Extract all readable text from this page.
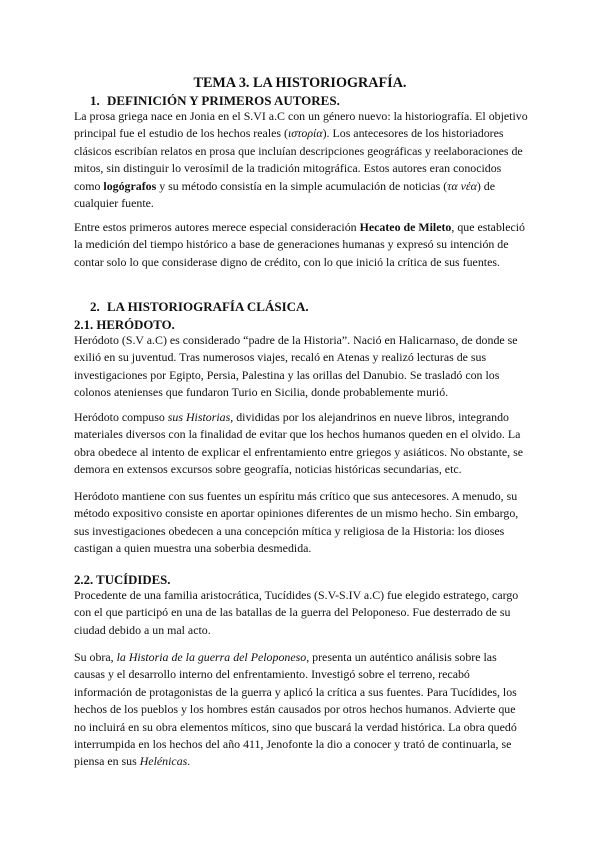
TEMA 3. LA HISTORIOGRAFÍA.
1. DEFINICIÓN Y PRIMEROS AUTORES.

La prosa griega nace en Jonia en el S.VI a.C con un género nuevo: la historiografía. El objetivo principal fue el estudio de los hechos reales (ιστορία). Los antecesores de los historiadores clásicos escribían relatos en prosa que incluían descripciones geográficas y reelaboraciones de mitos, sin distinguir lo verosímil de la tradición mitográfica. Estos autores eran conocidos como logógrafos y su método consistía en la simple acumulación de noticias (τα νέα) de cualquier fuente.

Entre estos primeros autores merece especial consideración Hecateo de Mileto, que estableció la medición del tiempo histórico a base de generaciones humanas y expresó su intención de contar solo lo que considerase digno de crédito, con lo que inició la crítica de sus fuentes.

2. LA HISTORIOGRAFÍA CLÁSICA.
2.1. HERÓDOTO.

Heródoto (S.V a.C) es considerado “padre de la Historia”. Nació en Halicarnaso, de donde se exilió en su juventud. Tras numerosos viajes, recaló en Atenas y realizó lecturas de sus investigaciones por Egipto, Persia, Palestina y las orillas del Danubio. Se trasladó con los colonos atenienses que fundaron Turio en Sicilia, donde probablemente murió.

Heródoto compuso sus Historias, divididas por los alejandrinos en nueve libros, integrando materiales diversos con la finalidad de evitar que los hechos humanos queden en el olvido. La obra obedece al intento de explicar el enfrentamiento entre griegos y asiáticos. No obstante, se demora en extensos excursos sobre geografía, noticias históricas secundarias, etc.

Heródoto mantiene con sus fuentes un espíritu más crítico que sus antecesores. A menudo, su método expositivo consiste en aportar opiniones diferentes de un mismo hecho. Sin embargo, sus investigaciones obedecen a una concepción mítica y religiosa de la Historia: los dioses castigan a quien muestra una soberbia desmedida.

2.2. TUCÍDIDES.

Procedente de una familia aristocrática, Tucídides (S.V-S.IV a.C) fue elegido estratego, cargo con el que participó en una de las batallas de la guerra del Peloponeso. Fue desterrado de su ciudad debido a un mal acto.

Su obra, la Historia de la guerra del Peloponeso, presenta un auténtico análisis sobre las causas y el desarrollo interno del enfrentamiento. Investigó sobre el terreno, recabó información de protagonistas de la guerra y aplicó la crítica a sus fuentes. Para Tucídides, los hechos de los pueblos y los hombres están causados por otros hechos humanos. Advierte que no incluirá en su obra elementos míticos, sino que buscará la verdad histórica. La obra quedó interrumpida en los hechos del año 411, Jenofonte la dio a conocer y trató de continuarla, se piensa en sus Helénicas.
